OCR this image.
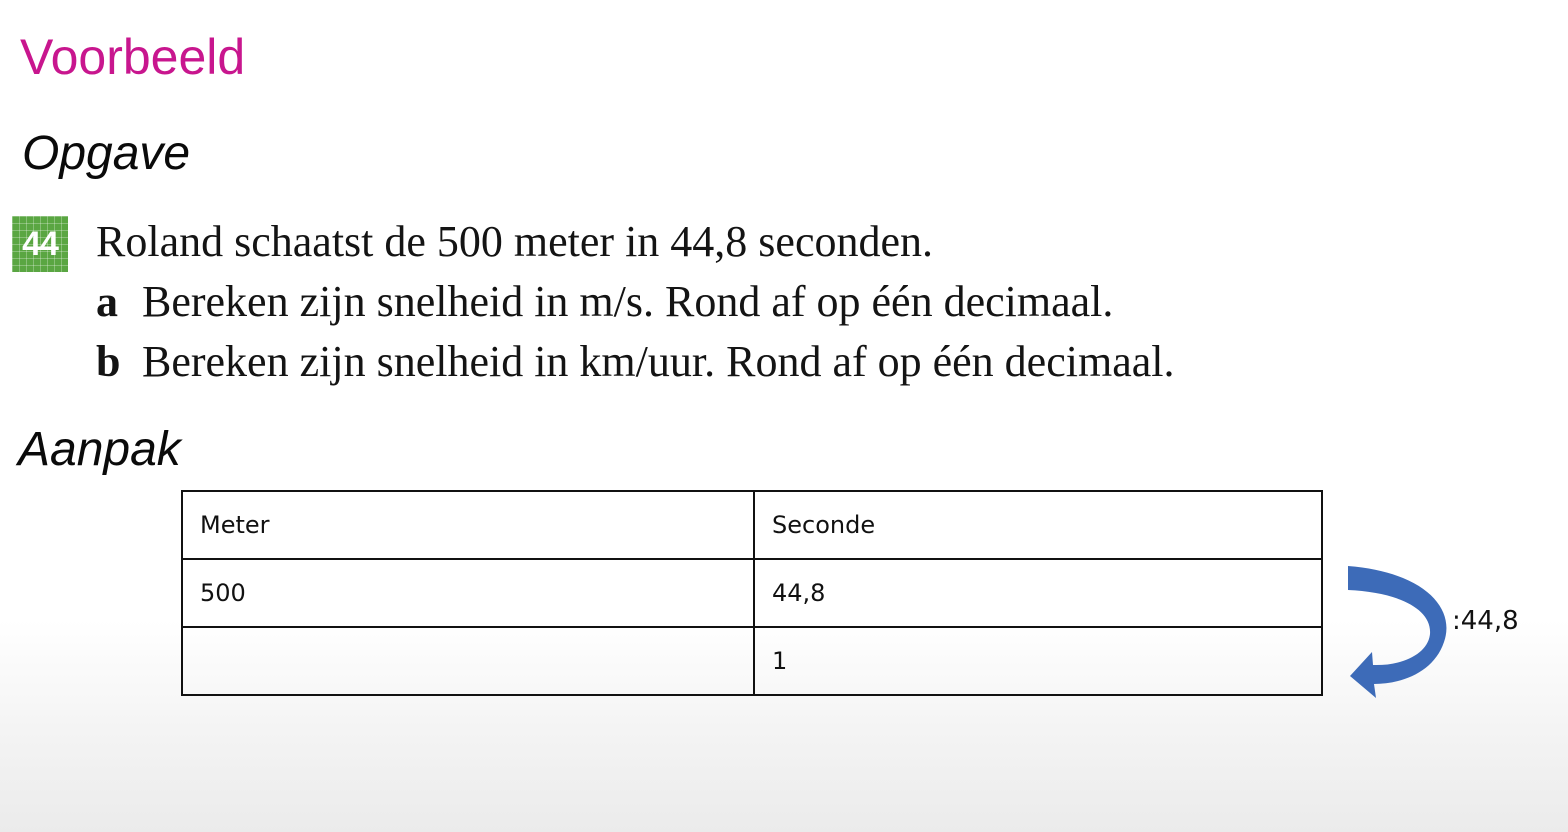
Voorbeeld
Opgave
44 Roland schaatst de 500 meter in 44,8 seconden.

a Bereken zijn snelheid in m/s. Rond af op één decimaal.

b Bereken zijn snelheid in km/uur. Rond af op één decimaal.

Aanpak
Meter	Seconde
500	44,8
	1
:44,8
